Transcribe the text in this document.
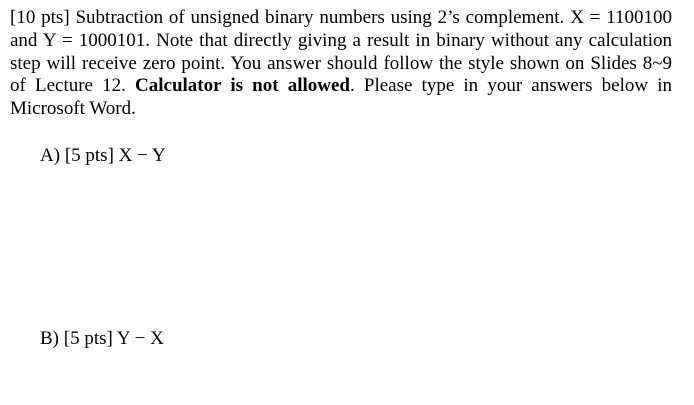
[10 pts] Subtraction of unsigned binary numbers using 2’s complement. X = 1100100 and Y = 1000101. Note that directly giving a result in binary without any calculation step will receive zero point. You answer should follow the style shown on Slides 8~9 of Lecture 12. Calculator is not allowed. Please type in your answers below in Microsoft Word.

A) [5 pts] X − Y
B) [5 pts] Y − X
